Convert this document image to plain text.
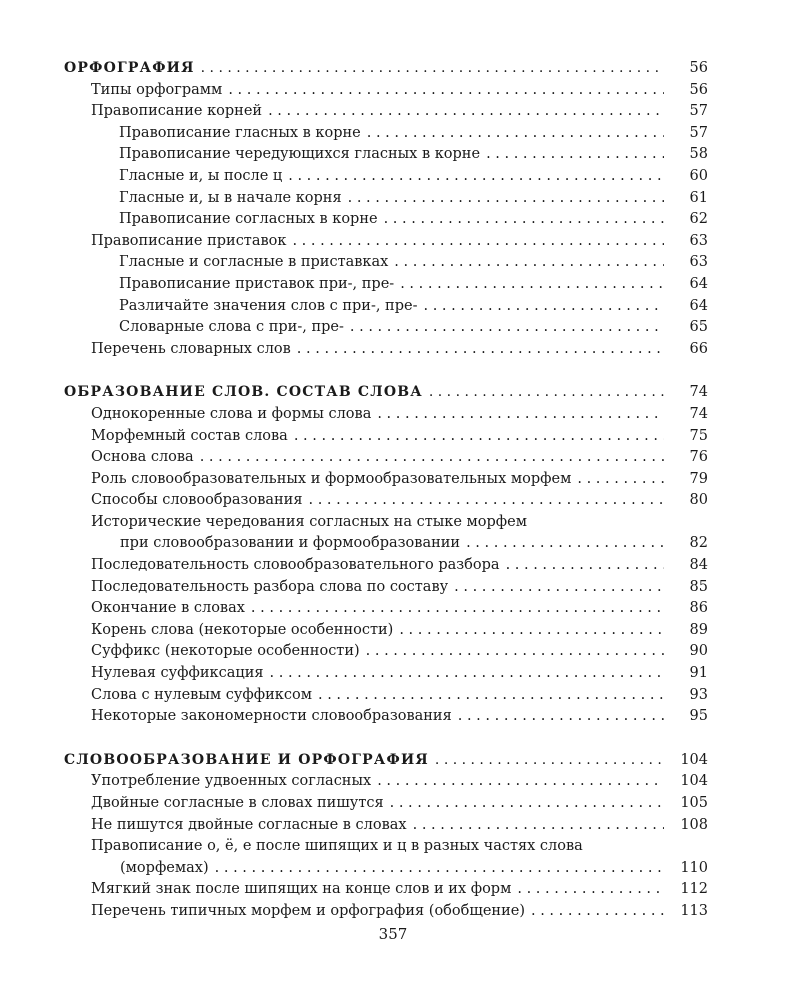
ОРФОГРАФИЯ . . .	56
Типы орфограмм . . .	56
Правописание корней . . .	57
Правописание гласных в корне . . .	57
Правописание чередующихся гласных в корне . . .	58
Гласные и, ы после ц . . .	60
Гласные и, ы в начале корня . . .	61
Правописание согласных в корне . . .	62
Правописание приставок . . .	63
Гласные и согласные в приставках . . .	63
Правописание приставок при-, пре- . . .	64
Различайте значения слов с при-, пре- . . .	64
Словарные слова с при-, пре- . . .	65
Перечень словарных слов . . .	66
ОБРАЗОВАНИЕ СЛОВ. СОСТАВ СЛОВА . . .	74
Однокоренные слова и формы слова . . .	74
Морфемный состав слова . . .	75
Основа слова . . .	76
Роль словообразовательных и формообразовательных морфем . . .	79
Способы словообразования . . .	80
Исторические чередования согласных на стыке морфем
при словообразовании и формообразовании . . .	82
Последовательность словообразовательного разбора . . .	84
Последовательность разбора слова по составу . . .	85
Окончание в словах . . .	86
Корень слова (некоторые особенности) . . .	89
Суффикс (некоторые особенности) . . .	90
Нулевая суффиксация . . .	91
Слова с нулевым суффиксом . . .	93
Некоторые закономерности словообразования . . .	95
СЛОВООБРАЗОВАНИЕ И ОРФОГРАФИЯ . . .	104
Употребление удвоенных согласных . . .	104
Двойные согласные в словах пишутся . . .	105
Не пишутся двойные согласные в словах . . .	108
Правописание о, ё, е после шипящих и ц в разных частях слова
(морфемах) . . .	110
Мягкий знак после шипящих на конце слов и их форм . . .	112
Перечень типичных морфем и орфография (обобщение) . . .	113
357
